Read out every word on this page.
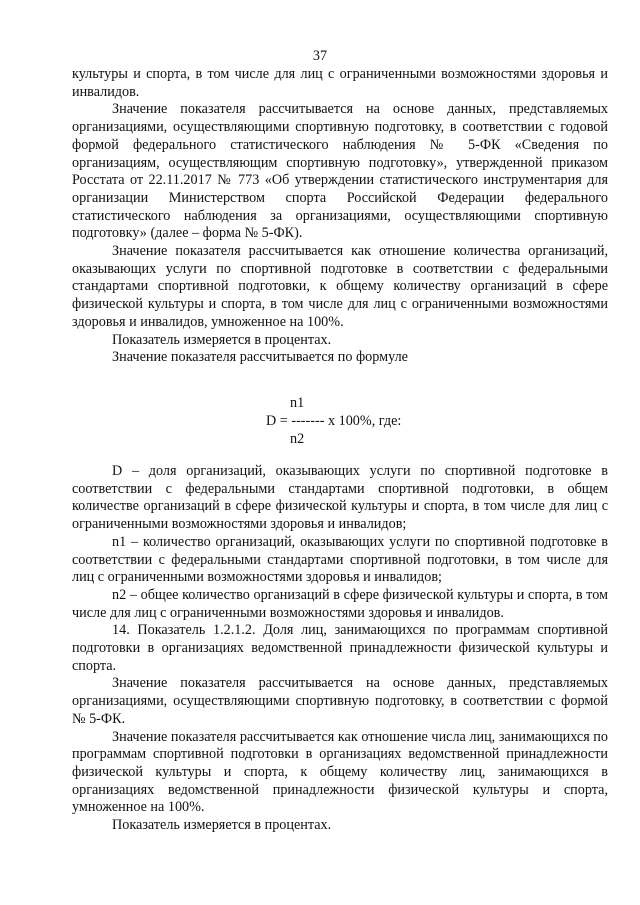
37

культуры и спорта, в том числе для лиц с ограниченными возможностями здоровья и инвалидов.

Значение показателя рассчитывается на основе данных, представляемых организациями, осуществляющими спортивную подготовку, в соответствии с годовой формой федерального статистического наблюдения № 5-ФК «Сведения по организациям, осуществляющим спортивную подготовку», утвержденной приказом Росстата от 22.11.2017 № 773 «Об утверждении статистического инструментария для организации Министерством спорта Российской Федерации федерального статистического наблюдения за организациями, осуществляющими спортивную подготовку» (далее – форма № 5-ФК).

Значение показателя рассчитывается как отношение количества организаций, оказывающих услуги по спортивной подготовке в соответствии с федеральными стандартами спортивной подготовки, к общему количеству организаций в сфере физической культуры и спорта, в том числе для лиц с ограниченными возможностями здоровья и инвалидов, умноженное на 100%.

Показатель измеряется в процентах.

Значение показателя рассчитывается по формуле

n1
D = ------- x 100%, где:
n2

D – доля организаций, оказывающих услуги по спортивной подготовке в соответствии с федеральными стандартами спортивной подготовки, в общем количестве организаций в сфере физической культуры и спорта, в том числе для лиц с ограниченными возможностями здоровья и инвалидов;

n1 – количество организаций, оказывающих услуги по спортивной подготовке в соответствии с федеральными стандартами спортивной подготовки, в том числе для лиц с ограниченными возможностями здоровья и инвалидов;

n2 – общее количество организаций в сфере физической культуры и спорта, в том числе для лиц с ограниченными возможностями здоровья и инвалидов.

14. Показатель 1.2.1.2. Доля лиц, занимающихся по программам спортивной подготовки в организациях ведомственной принадлежности физической культуры и спорта.

Значение показателя рассчитывается на основе данных, представляемых организациями, осуществляющими спортивную подготовку, в соответствии с формой № 5-ФК.

Значение показателя рассчитывается как отношение числа лиц, занимающихся по программам спортивной подготовки в организациях ведомственной принадлежности физической культуры и спорта, к общему количеству лиц, занимающихся в организациях ведомственной принадлежности физической культуры и спорта, умноженное на 100%.

Показатель измеряется в процентах.
